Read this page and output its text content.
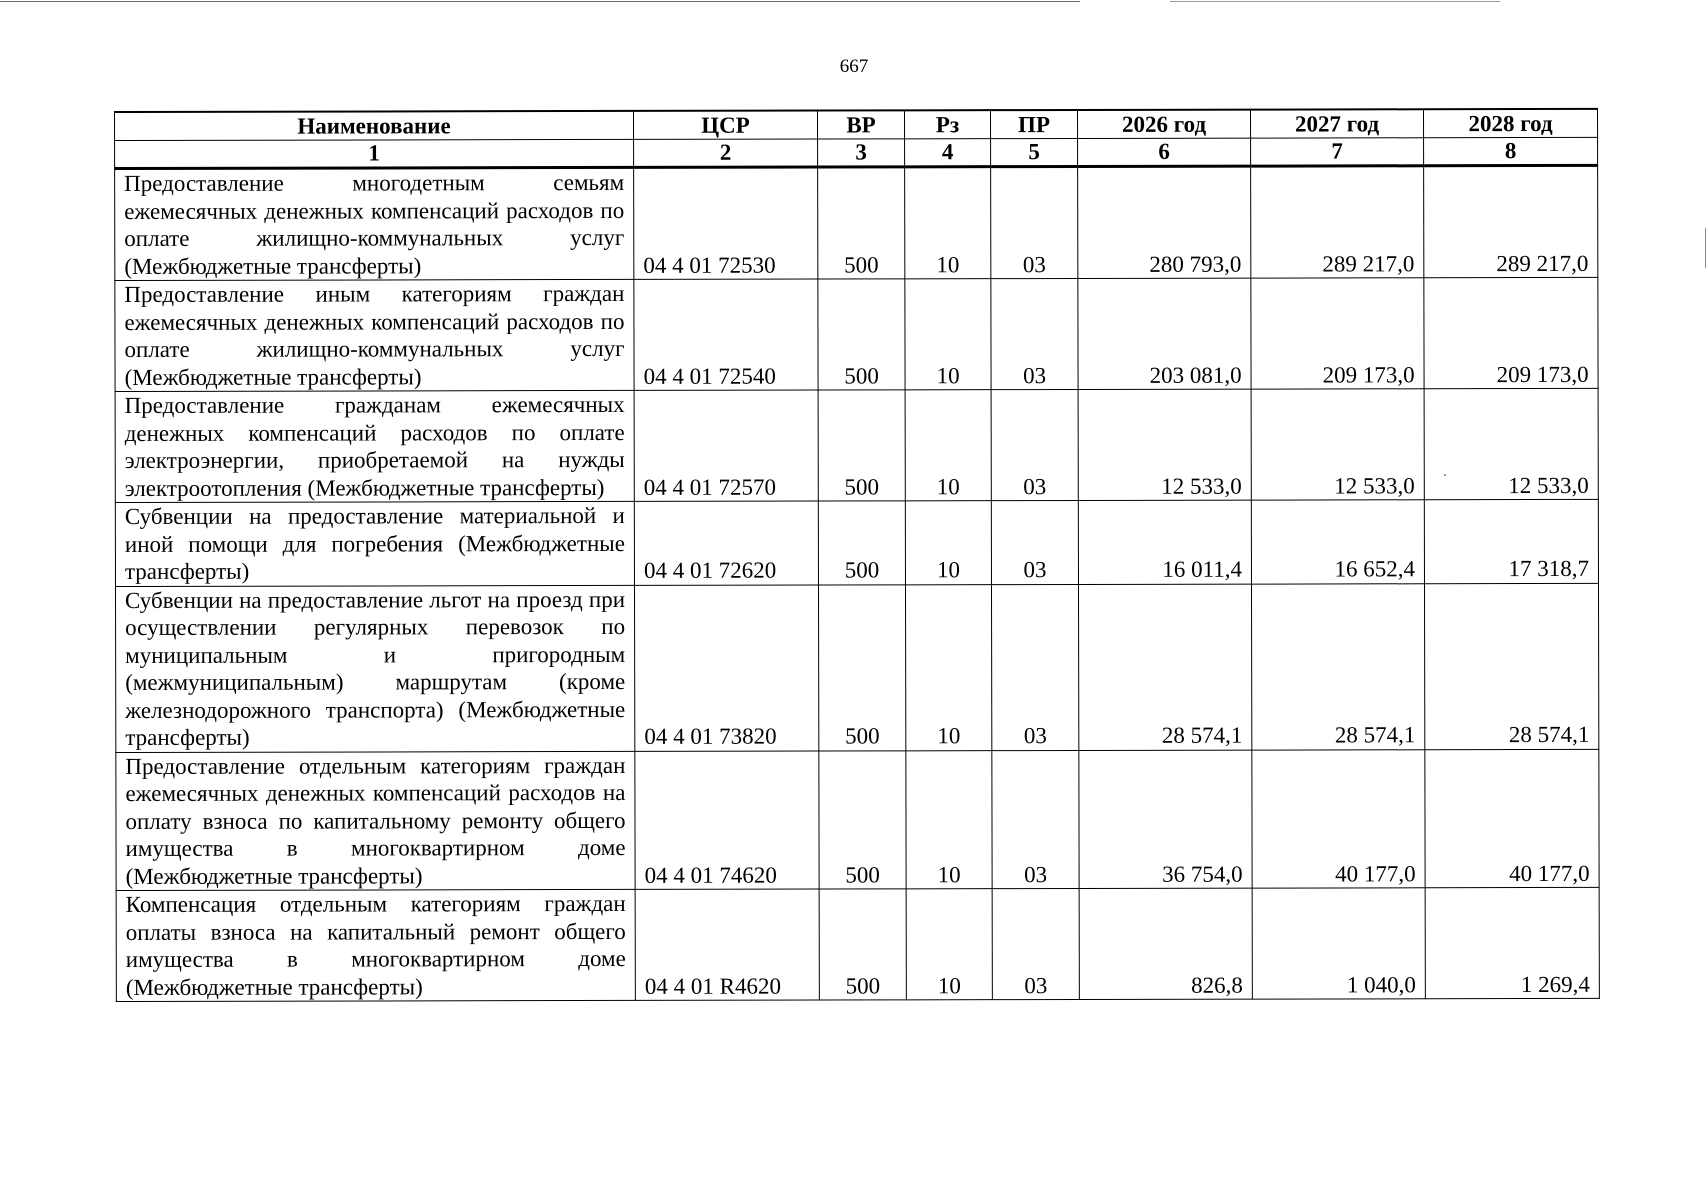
667
Наименование	ЦСР	ВР	Рз	ПР	2026 год	2027 год	2028 год
1	2	3	4	5	6	7	8
Предоставление многодетным семьям ежемесячных денежных компенсаций расходов по оплате жилищно-коммунальных услуг (Межбюджетные трансферты)	04 4 01 72530	500	10	03	280 793,0	289 217,0	289 217,0
Предоставление иным категориям граждан ежемесячных денежных компенсаций расходов по оплате жилищно-коммунальных услуг (Межбюджетные трансферты)	04 4 01 72540	500	10	03	203 081,0	209 173,0	209 173,0
Предоставление гражданам ежемесячных денежных компенсаций расходов по оплате электроэнергии, приобретаемой на нужды электроотопления (Межбюджетные трансферты)	04 4 01 72570	500	10	03	12 533,0	12 533,0	12 533,0
Субвенции на предоставление материальной и иной помощи для погребения (Межбюджетные трансферты)	04 4 01 72620	500	10	03	16 011,4	16 652,4	17 318,7
Субвенции на предоставление льгот на проезд при осуществлении регулярных перевозок по муниципальным и пригородным (межмуниципальным) маршрутам (кроме железнодорожного транспорта) (Межбюджетные трансферты)	04 4 01 73820	500	10	03	28 574,1	28 574,1	28 574,1
Предоставление отдельным категориям граждан ежемесячных денежных компенсаций расходов на оплату взноса по капитальному ремонту общего имущества в многоквартирном доме (Межбюджетные трансферты)	04 4 01 74620	500	10	03	36 754,0	40 177,0	40 177,0
Компенсация отдельным категориям граждан оплаты взноса на капитальный ремонт общего имущества в многоквартирном доме (Межбюджетные трансферты)	04 4 01 R4620	500	10	03	826,8	1 040,0	1 269,4
